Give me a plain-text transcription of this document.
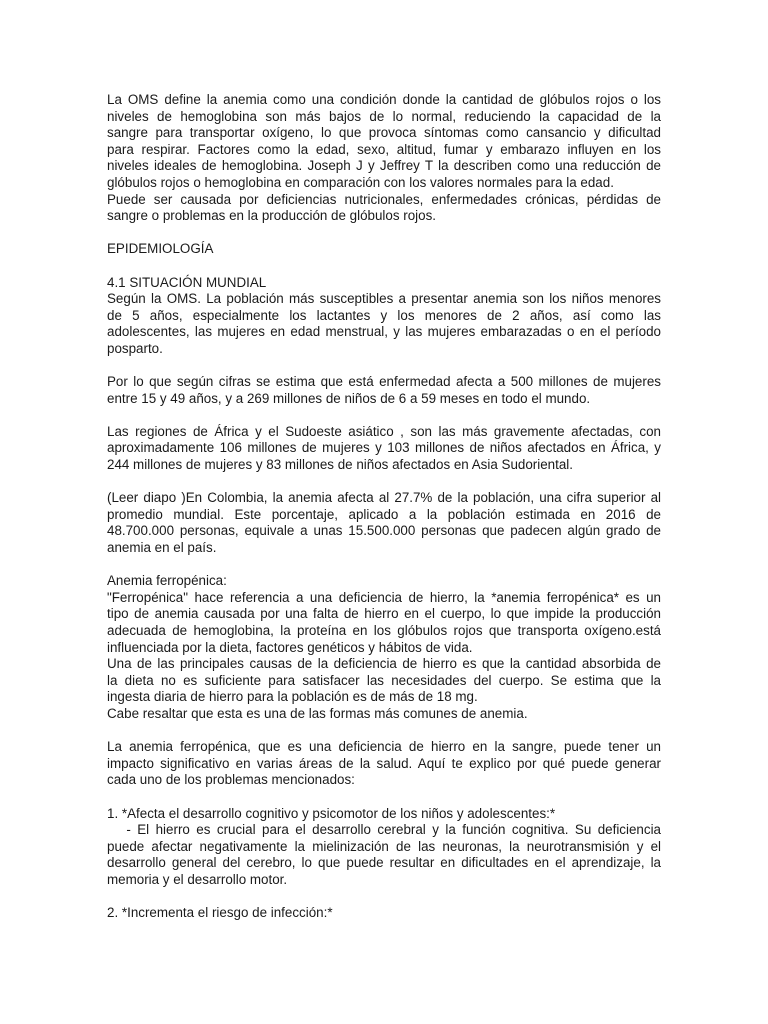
La OMS define la anemia como una condición donde la cantidad de glóbulos rojos o los
niveles de hemoglobina son más bajos de lo normal, reduciendo la capacidad de la
sangre para transportar oxígeno, lo que provoca síntomas como cansancio y dificultad
para respirar. Factores como la edad, sexo, altitud, fumar y embarazo influyen en los
niveles ideales de hemoglobina. Joseph J y Jeffrey T la describen como una reducción de
glóbulos rojos o hemoglobina en comparación con los valores normales para la edad.
Puede ser causada por deficiencias nutricionales, enfermedades crónicas, pérdidas de
sangre o problemas en la producción de glóbulos rojos.
EPIDEMIOLOGÍA
4.1 SITUACIÓN MUNDIAL
Según la OMS. La población más susceptibles a presentar anemia son los niños menores
de 5 años, especialmente los lactantes y los menores de 2 años, así como las
adolescentes, las mujeres en edad menstrual, y las mujeres embarazadas o en el período
posparto.
Por lo que según cifras se estima que está enfermedad afecta a 500 millones de mujeres
entre 15 y 49 años, y a 269 millones de niños de 6 a 59 meses en todo el mundo.
Las regiones de África y el Sudoeste asiático , son las más gravemente afectadas, con
aproximadamente 106 millones de mujeres y 103 millones de niños afectados en África, y
244 millones de mujeres y 83 millones de niños afectados en Asia Sudoriental.
(Leer diapo )En Colombia, la anemia afecta al 27.7% de la población, una cifra superior al
promedio mundial. Este porcentaje, aplicado a la población estimada en 2016 de
48.700.000 personas, equivale a unas 15.500.000 personas que padecen algún grado de
anemia en el país.
Anemia ferropénica:
"Ferropénica" hace referencia a una deficiencia de hierro, la *anemia ferropénica* es un
tipo de anemia causada por una falta de hierro en el cuerpo, lo que impide la producción
adecuada de hemoglobina, la proteína en los glóbulos rojos que transporta oxígeno.está
influenciada por la dieta, factores genéticos y hábitos de vida.
Una de las principales causas de la deficiencia de hierro es que la cantidad absorbida de
la dieta no es suficiente para satisfacer las necesidades del cuerpo. Se estima que la
ingesta diaria de hierro para la población es de más de 18 mg.
Cabe resaltar que esta es una de las formas más comunes de anemia.
La anemia ferropénica, que es una deficiencia de hierro en la sangre, puede tener un
impacto significativo en varias áreas de la salud. Aquí te explico por qué puede generar
cada uno de los problemas mencionados:
1. *Afecta el desarrollo cognitivo y psicomotor de los niños y adolescentes:*
- El hierro es crucial para el desarrollo cerebral y la función cognitiva. Su deficiencia
puede afectar negativamente la mielinización de las neuronas, la neurotransmisión y el
desarrollo general del cerebro, lo que puede resultar en dificultades en el aprendizaje, la
memoria y el desarrollo motor.
2. *Incrementa el riesgo de infección:*
